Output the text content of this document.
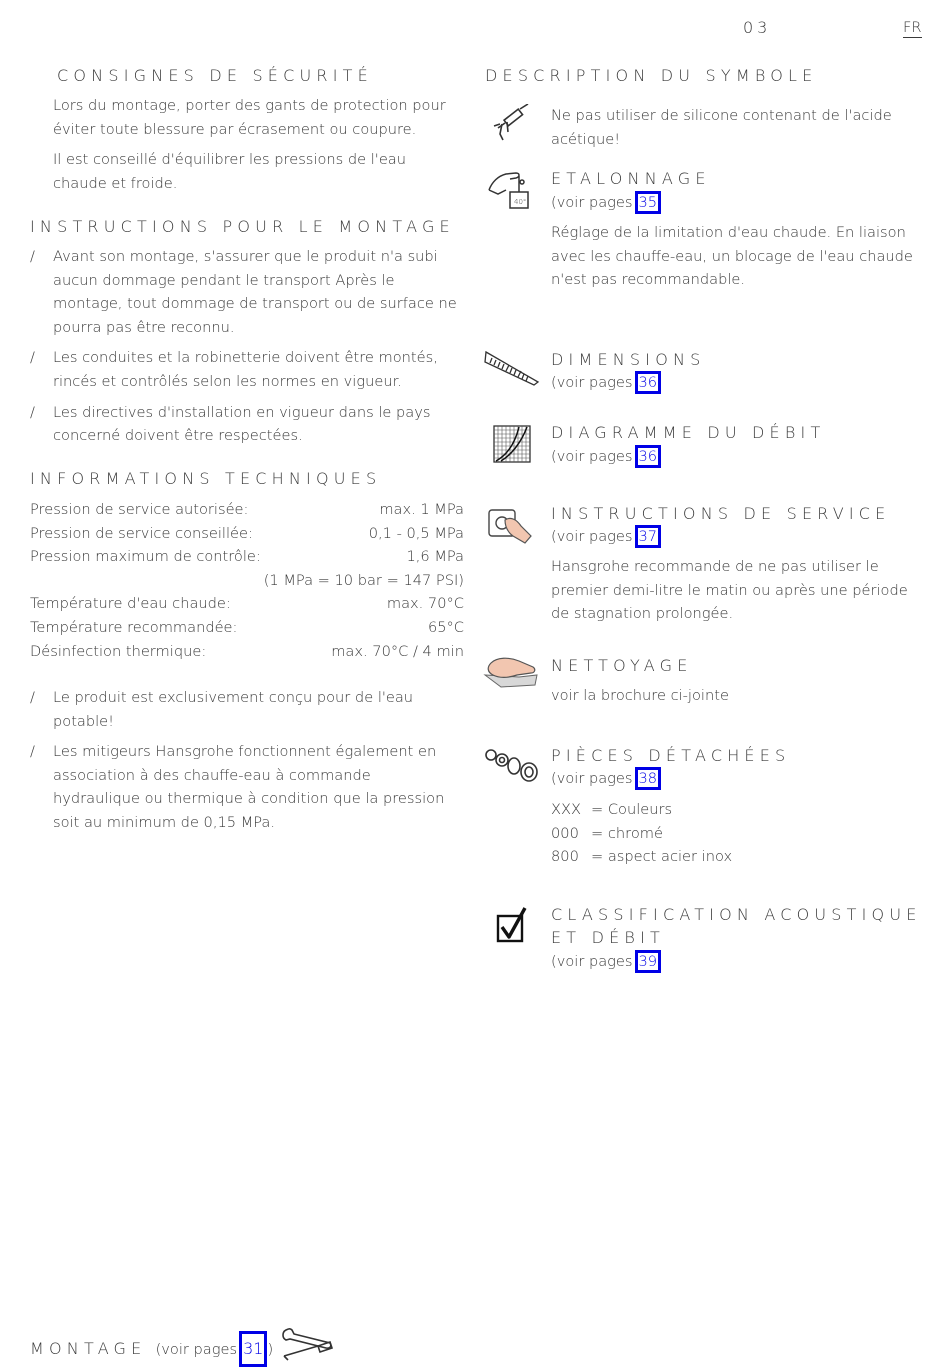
03	FR
CONSIGNES DE SÉCURITÉ

Lors du montage, porter des gants de protection pour éviter toute blessure par écrasement ou coupure.

Il est conseillé d'équilibrer les pressions de l'eau chaude et froide.

INSTRUCTIONS POUR LE MONTAGE
/ Avant son montage, s'assurer que le produit n'a subi aucun dommage pendant le transport Après le montage, tout dommage de transport ou de surface ne pourra pas être reconnu.
/ Les conduites et la robinetterie doivent être montés, rincés et contrôlés selon les normes en vigueur.
/ Les directives d'installation en vigueur dans le pays concerné doivent être respectées.
INFORMATIONS TECHNIQUES
Pression de service autorisée:	max. 1 MPa
Pression de service conseillée:	0,1 - 0,5 MPa
Pression maximum de contrôle:	1,6 MPa
(1 MPa = 10 bar = 147 PSI)
Température d'eau chaude:	max. 70°C
Température recommandée:	65°C
Désinfection thermique:	max. 70°C / 4 min
/ Le produit est exclusivement conçu pour de l'eau potable!
/ Les mitigeurs Hansgrohe fonctionnent également en association à des chauffe-eau à commande hydraulique ou thermique à condition que la pression soit au minimum de 0,15 MPa.
DESCRIPTION DU SYMBOLE
Ne pas utiliser de silicone contenant de l'acide acétique!
40°
ETALONNAGE
(voir pages 35
Réglage de la limitation d'eau chaude. En liaison avec les chauffe-eau, un blocage de l'eau chaude n'est pas recommandable.
DIMENSIONS
(voir pages 36
DIAGRAMME DU DÉBIT
(voir pages 36
INSTRUCTIONS DE SERVICE
(voir pages 37
Hansgrohe recommande de ne pas utiliser le premier demi-litre le matin ou après une période de stagnation prolongée.
NETTOYAGE
voir la brochure ci-jointe
PIÈCES DÉTACHÉES
(voir pages 38
XXX = Couleurs
000 = chromé
800 = aspect acier inox
CLASSIFICATION ACOUSTIQUE
ET DÉBIT
(voir pages 39
MONTAGE (voir pages 31 )
